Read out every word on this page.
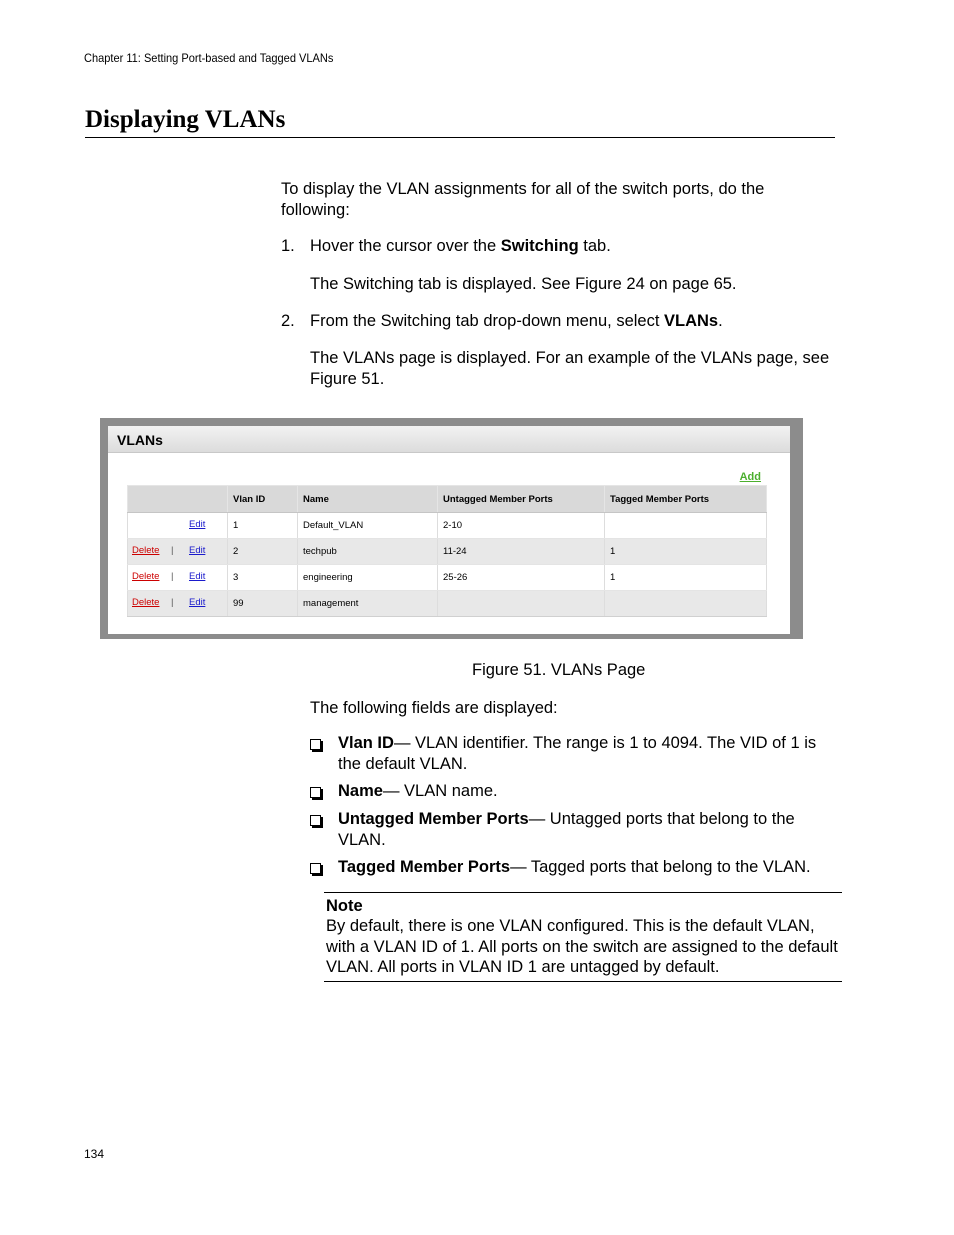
Chapter 11: Setting Port-based and Tagged VLANs
Displaying VLANs
To display the VLAN assignments for all of the switch ports, do the following:
1. Hover the cursor over the Switching tab.
The Switching tab is displayed. See Figure 24 on page 65.
2. From the Switching tab drop-down menu, select VLANs.
The VLANs page is displayed. For an example of the VLANs page, see Figure 51.
VLANs
Add
	Vlan ID	Name	Untagged Member Ports	Tagged Member Ports

Edit	1	Default_VLAN	2-10	

Delete | Edit	2	techpub	11-24	1

Delete | Edit	3	engineering	25-26	1

Delete | Edit	99	management		
Figure 51. VLANs Page
The following fields are displayed:
Vlan ID— VLAN identifier. The range is 1 to 4094. The VID of 1 is the default VLAN.
Name— VLAN name.
Untagged Member Ports— Untagged ports that belong to the VLAN.
Tagged Member Ports— Tagged ports that belong to the VLAN.
Note
By default, there is one VLAN configured. This is the default VLAN, with a VLAN ID of 1. All ports on the switch are assigned to the default VLAN. All ports in VLAN ID 1 are untagged by default.
134
